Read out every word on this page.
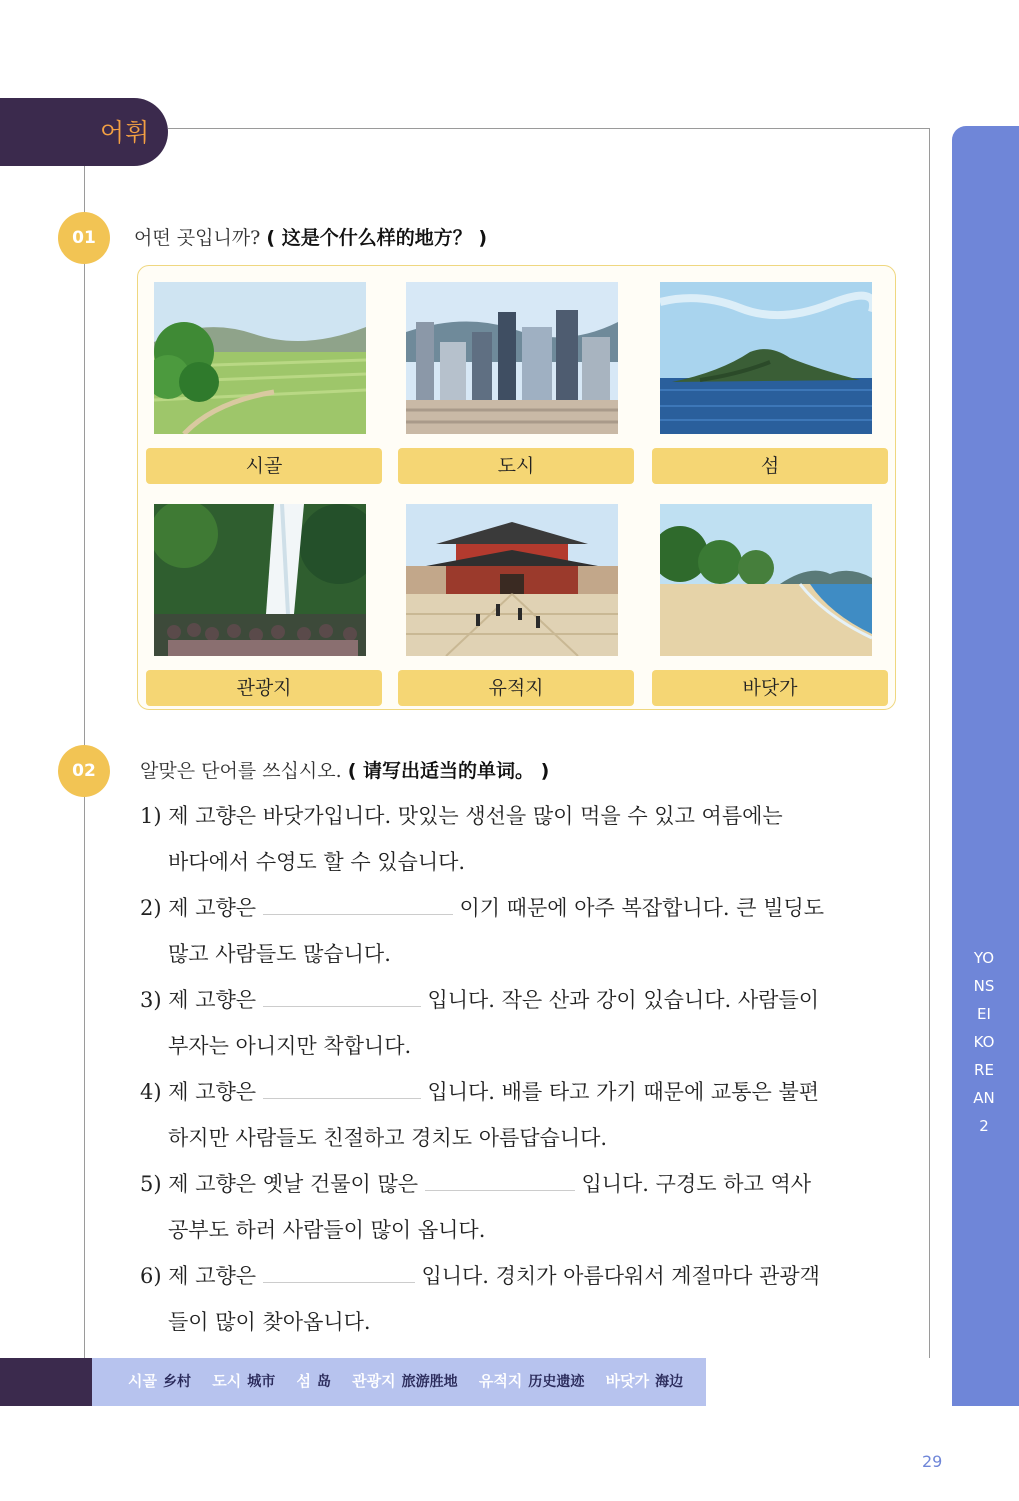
어휘
YONSEI KOREAN 2
01	어떤 곳입니까? ( 这是个什么样的地方？ )
시골	도시	섬
관광지	유적지	바닷가
02	알맞은 단어를 쓰십시오. ( 请写出适当的单词。 )
1) 제 고향은 바닷가입니다. 맛있는 생선을 많이 먹을 수 있고 여름에는
바다에서 수영도 할 수 있습니다.
2) 제 고향은	이기 때문에 아주 복잡합니다. 큰 빌딩도
많고 사람들도 많습니다.
3) 제 고향은	입니다. 작은 산과 강이 있습니다. 사람들이
부자는 아니지만 착합니다.
4) 제 고향은	입니다. 배를 타고 가기 때문에 교통은 불편
하지만 사람들도 친절하고 경치도 아름답습니다.
5) 제 고향은 옛날 건물이 많은	입니다. 구경도 하고 역사
공부도 하러 사람들이 많이 옵니다.
6) 제 고향은	입니다. 경치가 아름다워서 계절마다 관광객
들이 많이 찾아옵니다.
시골 乡村 도시 城市 섬 岛 관광지 旅游胜地 유적지 历史遗迹 바닷가 海边
29
